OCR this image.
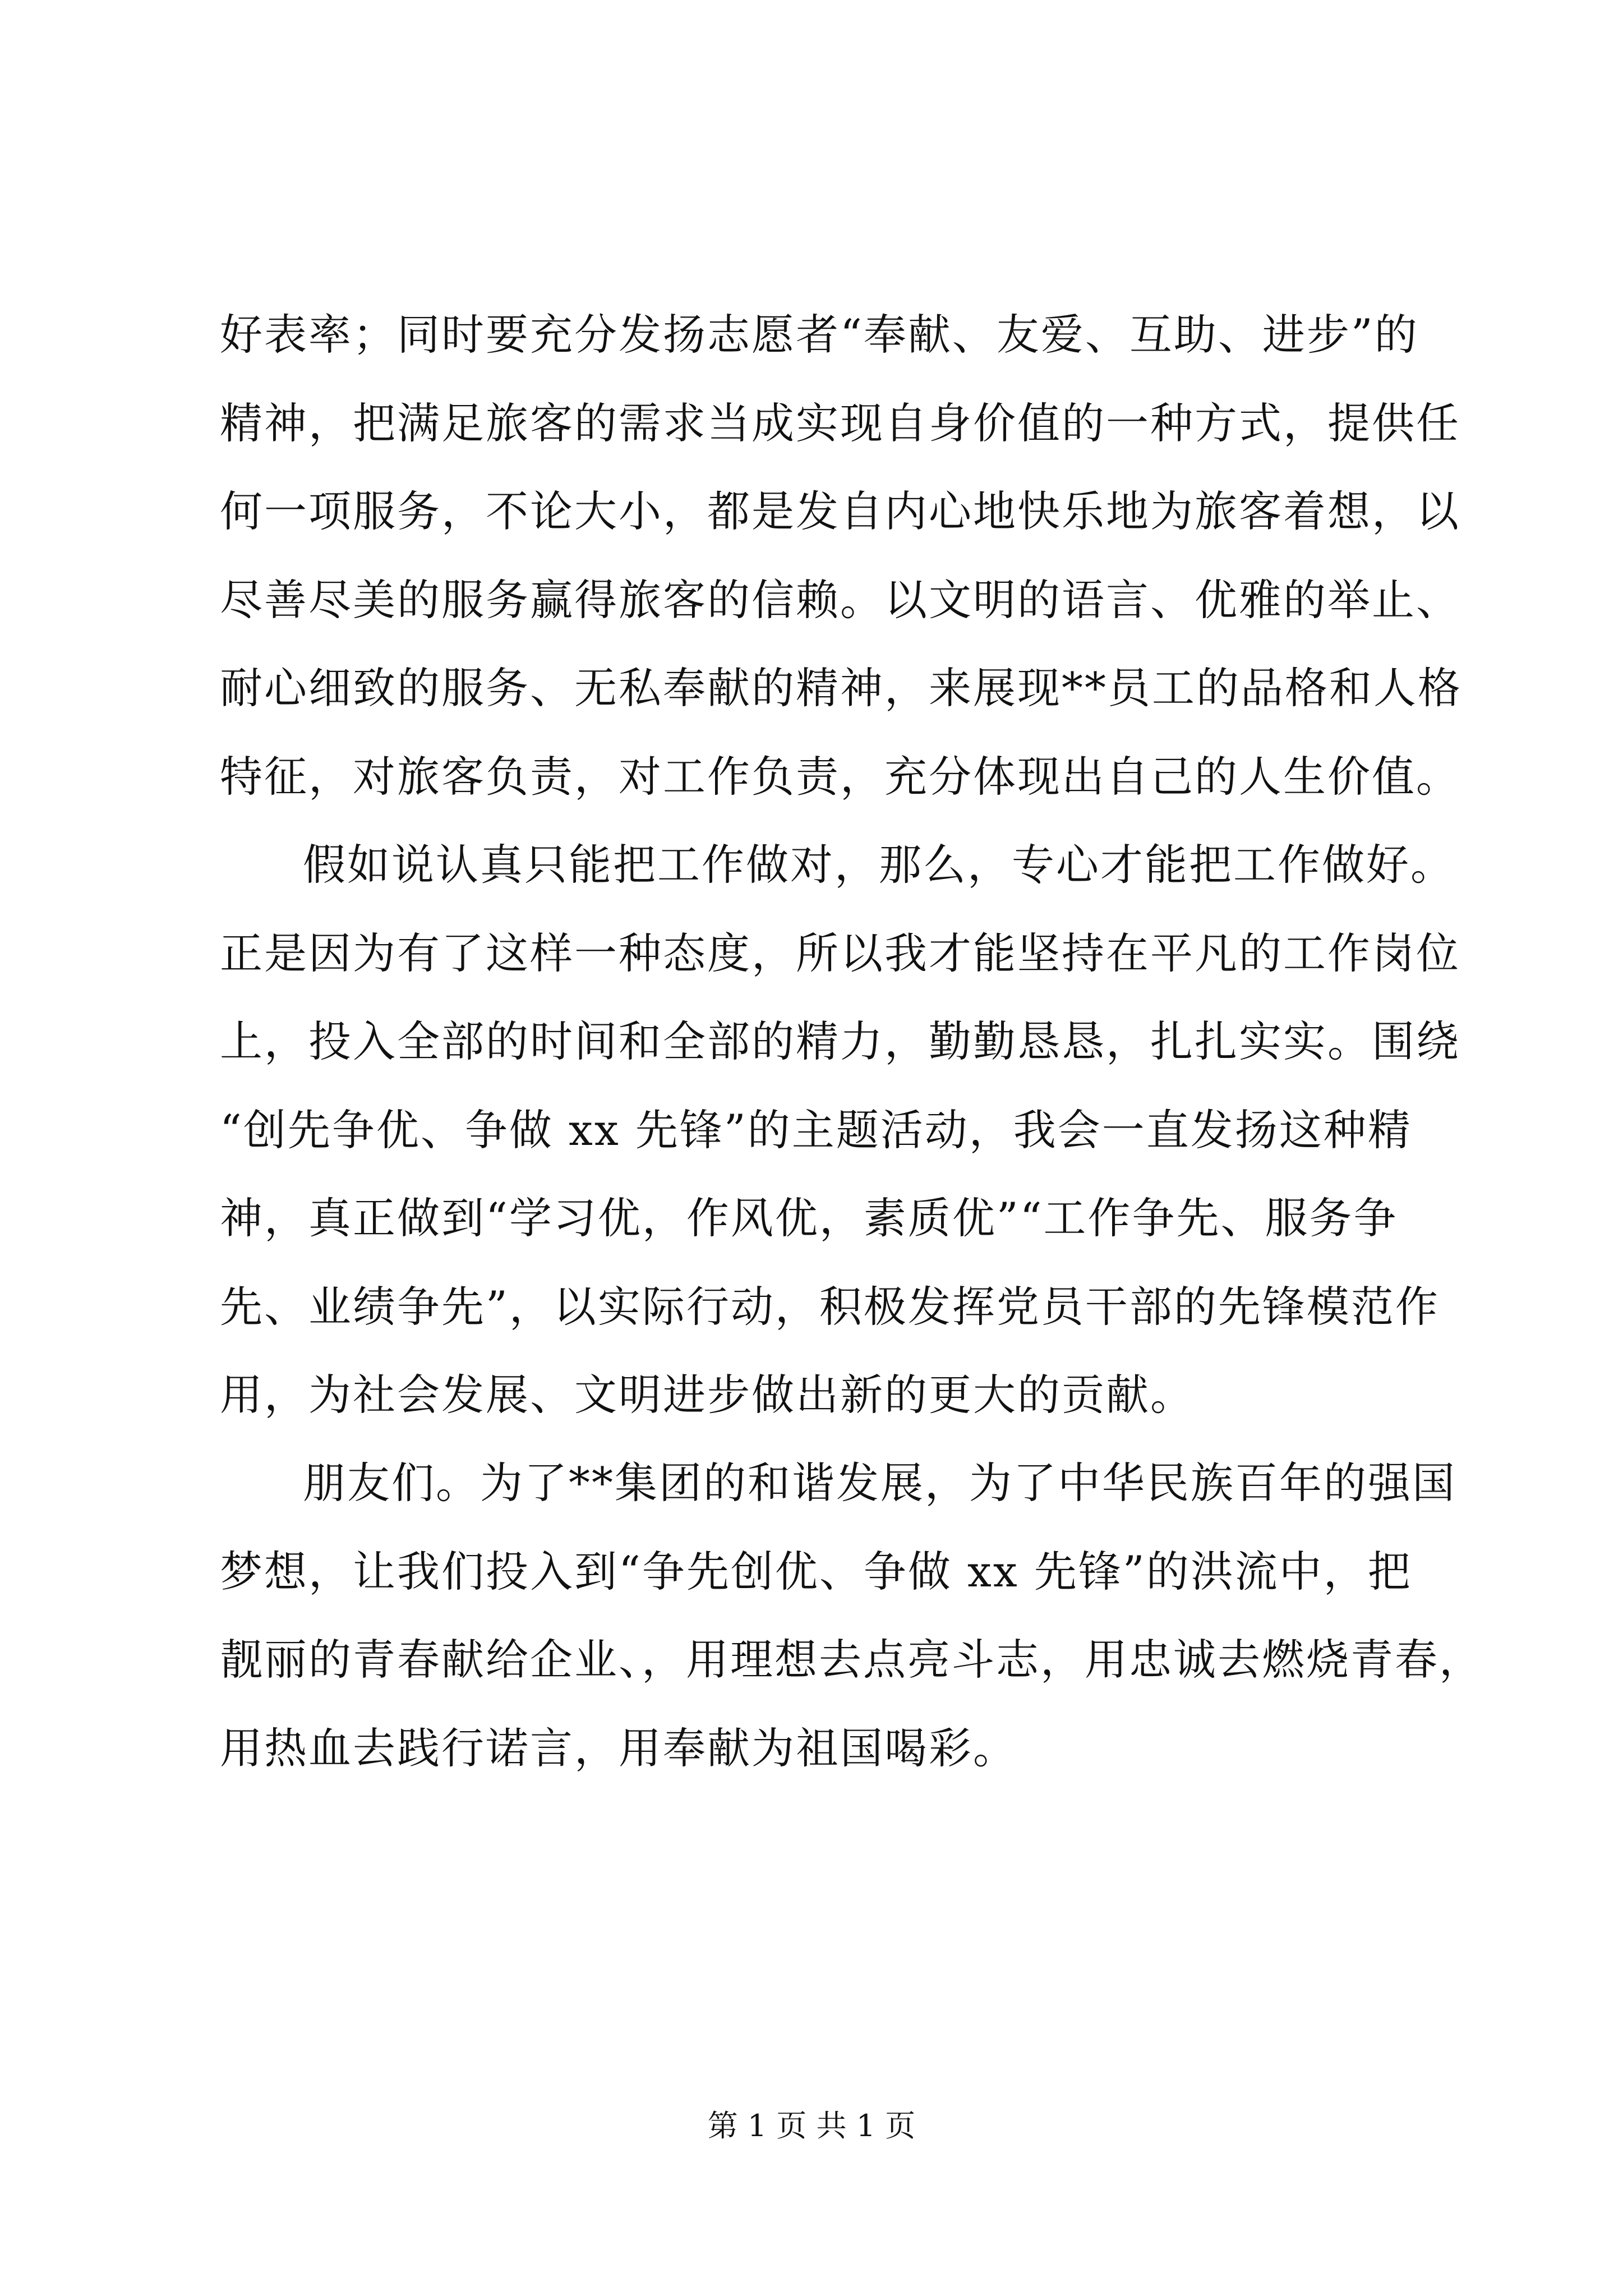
好表率；同时要充分发扬志愿者“奉献、友爱、互助、进步”的
精神，把满足旅客的需求当成实现自身价值的一种方式，提供任
何一项服务，不论大小，都是发自内心地快乐地为旅客着想，以
尽善尽美的服务赢得旅客的信赖。以文明的语言、优雅的举止、
耐心细致的服务、无私奉献的精神，来展现**员工的品格和人格
特征，对旅客负责，对工作负责，充分体现出自己的人生价值。
假如说认真只能把工作做对，那么，专心才能把工作做好。
正是因为有了这样一种态度，所以我才能坚持在平凡的工作岗位
上，投入全部的时间和全部的精力，勤勤恳恳，扎扎实实。围绕
“创先争优、争做 xx 先锋”的主题活动，我会一直发扬这种精
神，真正做到“学习优，作风优，素质优”“工作争先、服务争
先、业绩争先”，以实际行动，积极发挥党员干部的先锋模范作
用，为社会发展、文明进步做出新的更大的贡献。
朋友们。为了**集团的和谐发展，为了中华民族百年的强国
梦想，让我们投入到“争先创优、争做 xx 先锋”的洪流中，把
靓丽的青春献给企业、，用理想去点亮斗志，用忠诚去燃烧青春，
用热血去践行诺言，用奉献为祖国喝彩。
第 1 页 共 1 页
